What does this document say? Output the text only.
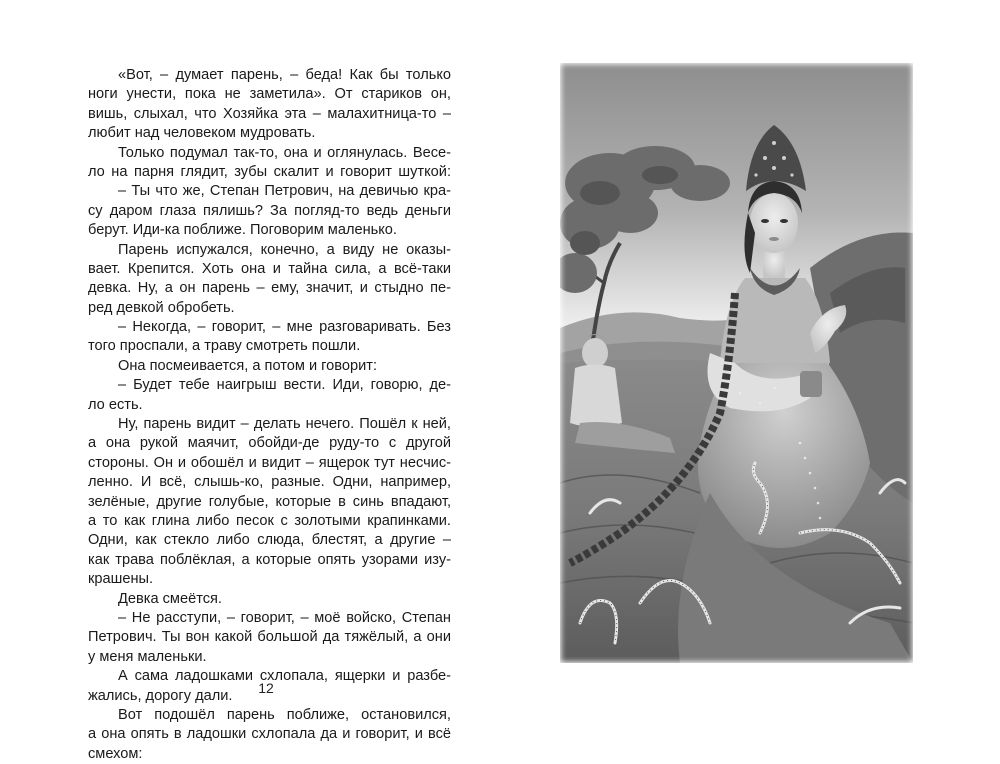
«Вот, – думает парень, – беда! Как бы только
ноги унести, пока не заметила». От стариков он,
вишь, слыхал, что Хозяйка эта – малахитница-то –
любит над человеком мудровать.
Только подумал так-то, она и оглянулась. Весе-
ло на парня глядит, зубы скалит и говорит шуткой:
– Ты что же, Степан Петрович, на девичью кра-
су даром глаза пялишь? За погляд-то ведь деньги
берут. Иди-ка поближе. Поговорим маленько.
Парень испужался, конечно, а виду не оказы-
вает. Крепится. Хоть она и тайна сила, а всё-таки
девка. Ну, а он парень – ему, значит, и стыдно пе-
ред девкой обробеть.
– Некогда, – говорит, – мне разговаривать. Без
того проспали, а траву смотреть пошли.
Она посмеивается, а потом и говорит:
– Будет тебе наигрыш вести. Иди, говорю, де-
ло есть.
Ну, парень видит – делать нечего. Пошёл к ней,
а она рукой маячит, обойди-де руду-то с другой
стороны. Он и обошёл и видит – ящерок тут несчис-
ленно. И всё, слышь-ко, разные. Одни, например,
зелёные, другие голубые, которые в синь впадают,
а то как глина либо песок с золотыми крапинками.
Одни, как стекло либо слюда, блестят, а другие –
как трава поблёклая, а которые опять узорами изу-
крашены.
Девка смеётся.
– Не расступи, – говорит, – моё войско, Степан
Петрович. Ты вон какой большой да тяжёлый, а они
у меня маленьки.
А сама ладошками схлопала, ящерки и разбе-
жались, дорогу дали.
Вот подошёл парень поближе, остановился,
а она опять в ладошки схлопала да и говорит, и всё
смехом:
12
